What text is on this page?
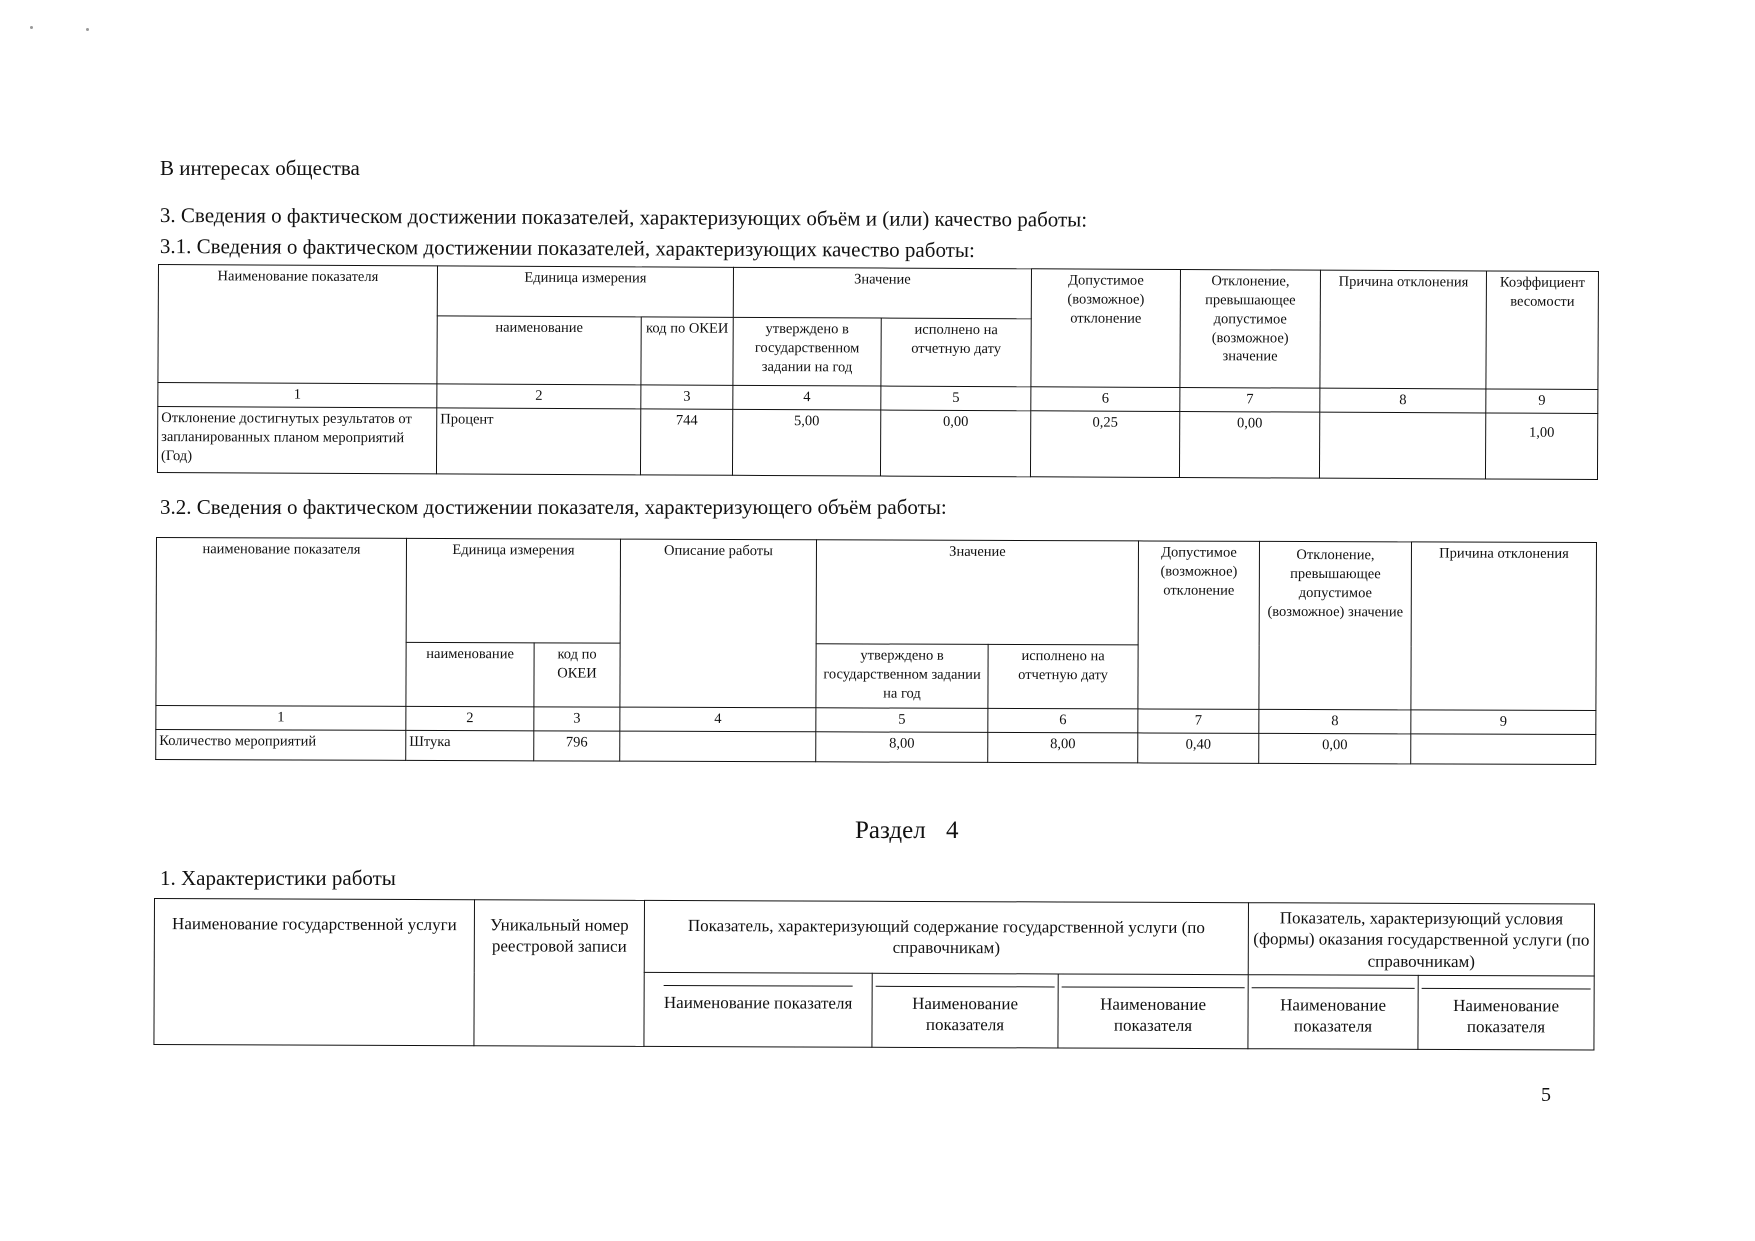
В интересах общества
3. Сведения о фактическом достижении показателей, характеризующих объём и (или) качество работы:
3.1. Сведения о фактическом достижении показателей, характеризующих качество работы:
Наименование показателя	Единица измерения		Значение		Допустимое (возможное) отклонение	Отклонение, превышающее допустимое (возможное) значение	Причина отклонения	Коэффициент весомости
	наименование	код по ОКЕИ	утверждено в государственном задании на год	исполнено на отчетную дату				
1	2	3	4	5	6	7	8	9
Отклонение достигнутых результатов от запланированных планом мероприятий (Год)	Процент	744	5,00	0,00	0,25	0,00		1,00
3.2. Сведения о фактическом достижении показателя, характеризующего объём работы:
наименование показателя	Единица измерения		Описание работы	Значение		Допустимое (возможное) отклонение	Отклонение, превышающее допустимое (возможное) значение	Причина отклонения
	наименование	код по ОКЕИ		утверждено в государственном задании на год	исполнено на отчетную дату			
1	2	3	4	5	6	7	8	9
Количество мероприятий	Штука	796		8,00	8,00	0,40	0,00	
Раздел 4
1. Характеристики работы
Наименование государственной услуги	Уникальный номер реестровой записи	Показатель, характеризующий содержание государственной услуги (по справочникам)			Показатель, характеризующий условия (формы) оказания государственной услуги (по справочникам)	
		Наименование показателя	Наименование показателя	Наименование показателя	Наименование показателя	Наименование показателя
5
